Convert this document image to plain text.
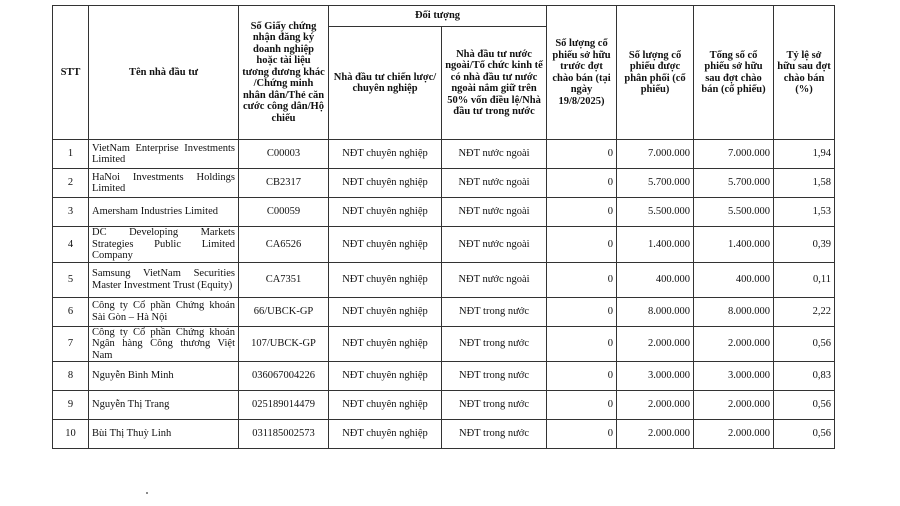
STT	Tên nhà đầu tư	Số Giấy chứng nhận đăng ký doanh nghiệp hoặc tài liệu tương đương khác /Chứng minh nhân dân/Thẻ căn cước công dân/Hộ chiếu	Đối tượng		Số lượng cổ phiếu sở hữu trước đợt chào bán (tại ngày 19/8/2025)	Số lượng cổ phiếu được phân phối (cổ phiếu)	Tổng số cổ phiếu sở hữu sau đợt chào bán (cổ phiếu)	Tỷ lệ sở hữu sau đợt chào bán (%)
			Nhà đầu tư chiến lược/ chuyên nghiệp	Nhà đầu tư nước ngoài/Tổ chức kinh tế có nhà đầu tư nước ngoài nắm giữ trên 50% vốn điều lệ/Nhà đầu tư trong nước				
1	VietNam Enterprise Investments Limited	C00003	NĐT chuyên nghiệp	NĐT nước ngoài	0	7.000.000	7.000.000	1,94
2	HaNoi Investments Holdings Limited	CB2317	NĐT chuyên nghiệp	NĐT nước ngoài	0	5.700.000	5.700.000	1,58
3	Amersham Industries Limited	C00059	NĐT chuyên nghiệp	NĐT nước ngoài	0	5.500.000	5.500.000	1,53
4	DC Developing Markets Strategies Public Limited Company	CA6526	NĐT chuyên nghiệp	NĐT nước ngoài	0	1.400.000	1.400.000	0,39
5	Samsung VietNam Securities Master Investment Trust (Equity)	CA7351	NĐT chuyên nghiệp	NĐT nước ngoài	0	400.000	400.000	0,11
6	Công ty Cổ phần Chứng khoán Sài Gòn – Hà Nội	66/UBCK-GP	NĐT chuyên nghiệp	NĐT trong nước	0	8.000.000	8.000.000	2,22
7	Công ty Cổ phần Chứng khoán Ngân hàng Công thương Việt Nam	107/UBCK-GP	NĐT chuyên nghiệp	NĐT trong nước	0	2.000.000	2.000.000	0,56
8	Nguyễn Bình Minh	036067004226	NĐT chuyên nghiệp	NĐT trong nước	0	3.000.000	3.000.000	0,83
9	Nguyễn Thị Trang	025189014479	NĐT chuyên nghiệp	NĐT trong nước	0	2.000.000	2.000.000	0,56
10	Bùi Thị Thuỳ Linh	031185002573	NĐT chuyên nghiệp	NĐT trong nước	0	2.000.000	2.000.000	0,56
